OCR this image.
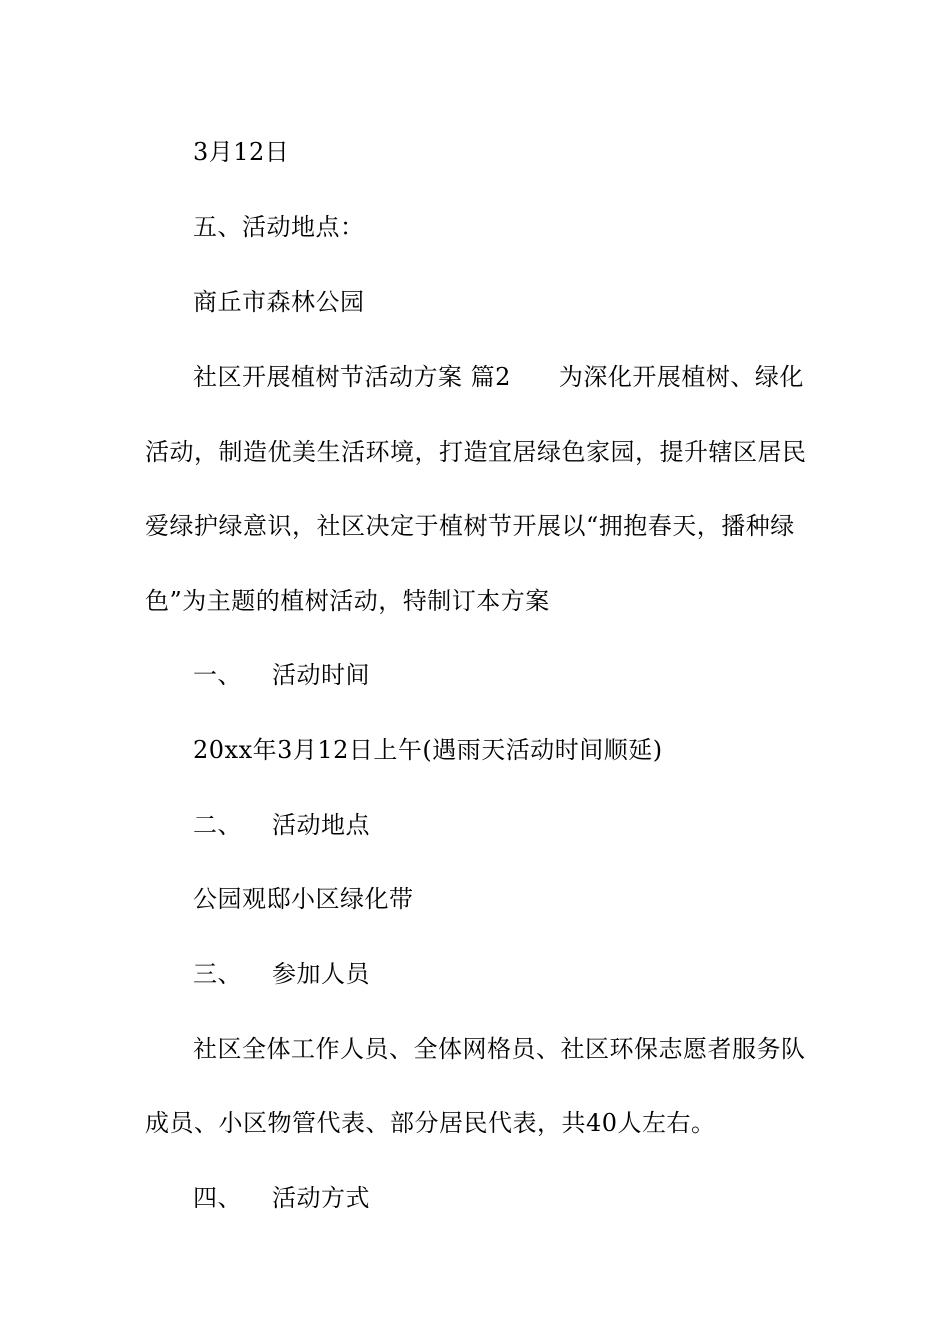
3月12日
五、活动地点：
商丘市森林公园
社区开展植树节活动方案 篇2 为深化开展植树、绿化
活动，制造优美生活环境，打造宜居绿色家园，提升辖区居民
爱绿护绿意识，社区决定于植树节开展以“拥抱春天，播种绿
色”为主题的植树活动，特制订本方案
一、 活动时间
20xx年3月12日上午(遇雨天活动时间顺延)
二、 活动地点
公园观邸小区绿化带
三、 参加人员
社区全体工作人员、全体网格员、社区环保志愿者服务队
成员、小区物管代表、部分居民代表，共40人左右。
四、 活动方式
